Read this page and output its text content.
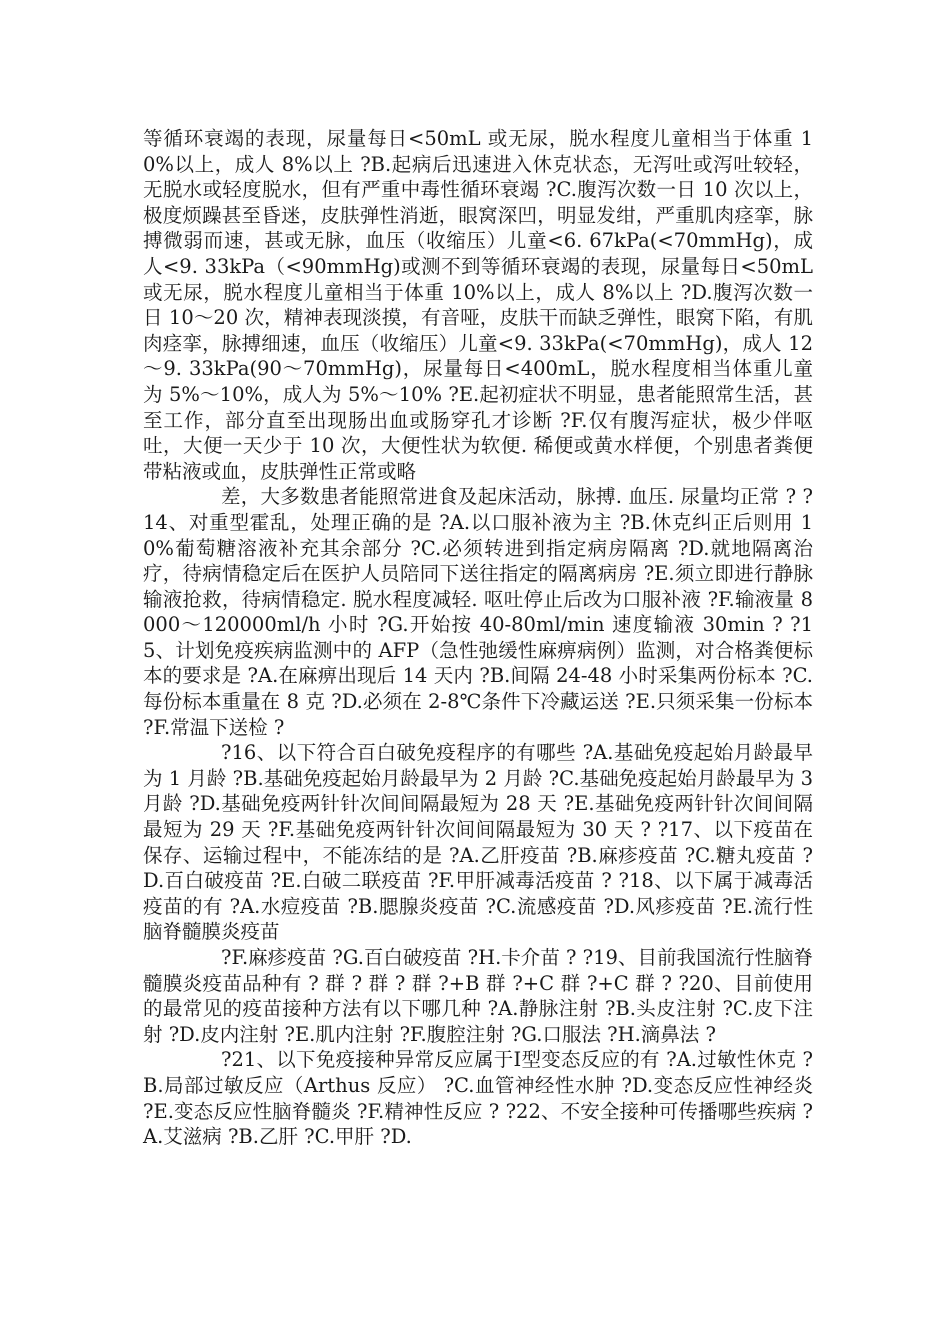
等循环衰竭的表现，尿量每日<50mL 或无尿，脱水程度儿童相当于体重 10%以上，成人 8%以上 ?B.起病后迅速进入休克状态，无泻吐或泻吐较轻，无脱水或轻度脱水，但有严重中毒性循环衰竭 ?C.腹泻次数一日 10 次以上，极度烦躁甚至昏迷，皮肤弹性消逝，眼窝深凹，明显发绀，严重肌肉痉挛，脉搏微弱而速，甚或无脉，血压（收缩压）儿童<6. 67kPa(<70mmHg)，成人<9. 33kPa（<90mmHg)或测不到等循环衰竭的表现，尿量每日<50mL 或无尿，脱水程度儿童相当于体重 10%以上，成人 8%以上 ?D.腹泻次数一日 10～20 次，精神表现淡摸，有音哑，皮肤干而缺乏弹性，眼窝下陷，有肌肉痉挛，脉搏细速，血压（收缩压）儿童<9. 33kPa(<70mmHg)，成人 12～9. 33kPa(90～70mmHg)，尿量每日<400mL，脱水程度相当体重儿童为 5%～10%，成人为 5%～10% ?E.起初症状不明显，患者能照常生活，甚至工作，部分直至出现肠出血或肠穿孔才诊断 ?F.仅有腹泻症状，极少伴呕吐，大便一天少于 10 次，大便性状为软便. 稀便或黄水样便，个别患者粪便带粘液或血，皮肤弹性正常或略

差，大多数患者能照常进食及起床活动，脉搏. 血压. 尿量均正常 ? ?14、对重型霍乱，处理正确的是 ?A.以口服补液为主 ?B.休克纠正后则用 10%葡萄糖溶液补充其余部分 ?C.必须转进到指定病房隔离 ?D.就地隔离治疗，待病情稳定后在医护人员陪同下送往指定的隔离病房 ?E.须立即进行静脉输液抢救，待病情稳定. 脱水程度减轻. 呕吐停止后改为口服补液 ?F.输液量 8000～120000ml/h 小时 ?G.开始按 40-80ml/min 速度输液 30min ? ?15、计划免疫疾病监测中的 AFP（急性弛缓性麻痹病例）监测，对合格粪便标本的要求是 ?A.在麻痹出现后 14 天内 ?B.间隔 24-48 小时采集两份标本 ?C.每份标本重量在 8 克 ?D.必须在 2-8℃条件下冷藏运送 ?E.只须采集一份标本 ?F.常温下送检 ?

?16、以下符合百白破免疫程序的有哪些 ?A.基础免疫起始月龄最早为 1 月龄 ?B.基础免疫起始月龄最早为 2 月龄 ?C.基础免疫起始月龄最早为 3 月龄 ?D.基础免疫两针针次间间隔最短为 28 天 ?E.基础免疫两针针次间间隔最短为 29 天 ?F.基础免疫两针针次间间隔最短为 30 天 ? ?17、以下疫苗在保存、运输过程中，不能冻结的是 ?A.乙肝疫苗 ?B.麻疹疫苗 ?C.糖丸疫苗 ?D.百白破疫苗 ?E.白破二联疫苗 ?F.甲肝减毒活疫苗 ? ?18、以下属于减毒活疫苗的有 ?A.水痘疫苗 ?B.腮腺炎疫苗 ?C.流感疫苗 ?D.风疹疫苗 ?E.流行性脑脊髓膜炎疫苗

?F.麻疹疫苗 ?G.百白破疫苗 ?H.卡介苗 ? ?19、目前我国流行性脑脊髓膜炎疫苗品种有 ? 群 ? 群 ? 群 ?+B 群 ?+C 群 ?+C 群 ? ?20、目前使用的最常见的疫苗接种方法有以下哪几种 ?A.静脉注射 ?B.头皮注射 ?C.皮下注射 ?D.皮内注射 ?E.肌内注射 ?F.腹腔注射 ?G.口服法 ?H.滴鼻法 ?

?21、以下免疫接种异常反应属于Ⅰ型变态反应的有 ?A.过敏性休克 ?B.局部过敏反应（Arthus 反应） ?C.血管神经性水肿 ?D.变态反应性神经炎 ?E.变态反应性脑脊髓炎 ?F.精神性反应 ? ?22、不安全接种可传播哪些疾病 ?A.艾滋病 ?B.乙肝 ?C.甲肝 ?D.
